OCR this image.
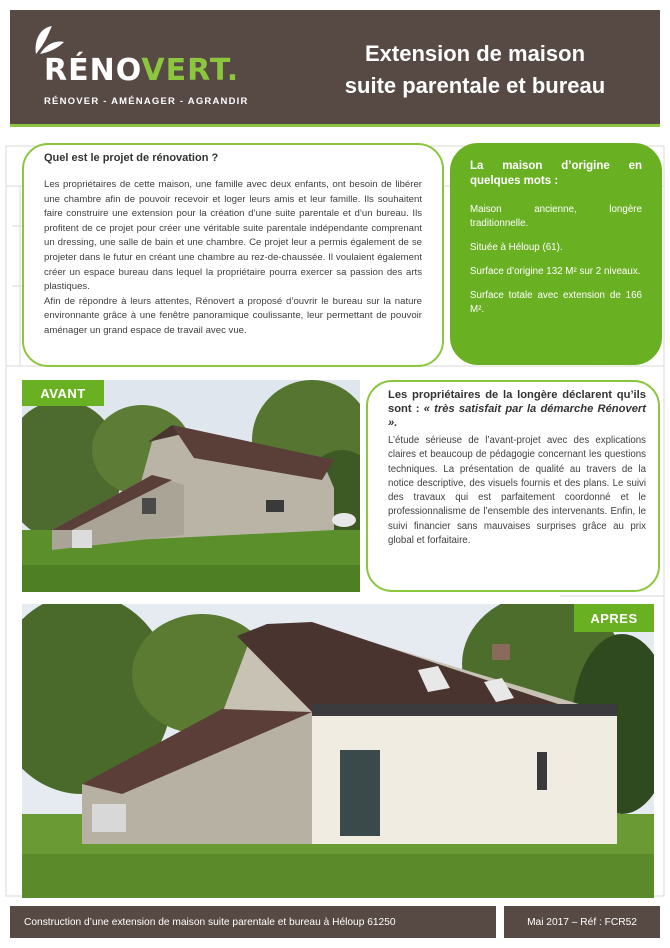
RÉNOVERT.
RÉNOVER - AMÉNAGER - AGRANDIR
Extension de maison
suite parentale et bureau
Quel est le projet de rénovation ?

Les propriétaires de cette maison, une famille avec deux enfants, ont besoin de libérer une chambre afin de pouvoir recevoir et loger leurs amis et leur famille. Ils souhaitent faire construire une extension pour la création d’une suite parentale et d’un bureau. Ils profitent de ce projet pour créer une véritable suite parentale indépendante comprenant un dressing, une salle de bain et une chambre. Ce projet leur a permis également de se projeter dans le futur en créant une chambre au rez-de-chaussée. Il voulaient également créer un espace bureau dans lequel la propriétaire pourra exercer sa passion des arts plastiques.

Afin de répondre à leurs attentes, Rénovert a proposé d’ouvrir le bureau sur la nature environnante grâce à une fenêtre panoramique coulissante, leur permettant de pouvoir aménager un grand espace de travail avec vue.

La maison d’origine en quelques mots :
Maison ancienne, longère traditionnelle.
Située à Héloup (61).
Surface d’origine 132 M² sur 2 niveaux.
Surface totale avec extension de 166 M².
AVANT	Les propriétaires de la longère déclarent qu’ils sont : « très satisfait par la démarche Rénovert ».
L’étude sérieuse de l’avant-projet avec des explications claires et beaucoup de pédagogie concernant les questions techniques. La présentation de qualité au travers de la notice descriptive, des visuels fournis et des plans. Le suivi des travaux qui est parfaitement coordonné et le professionnalisme de l’ensemble des intervenants. Enfin, le suivi financier sans mauvaises surprises grâce au prix global et forfaitaire.
APRES
Construction d’une extension de maison suite parentale et bureau à Héloup 61250	Mai 2017 – Réf : FCR52
